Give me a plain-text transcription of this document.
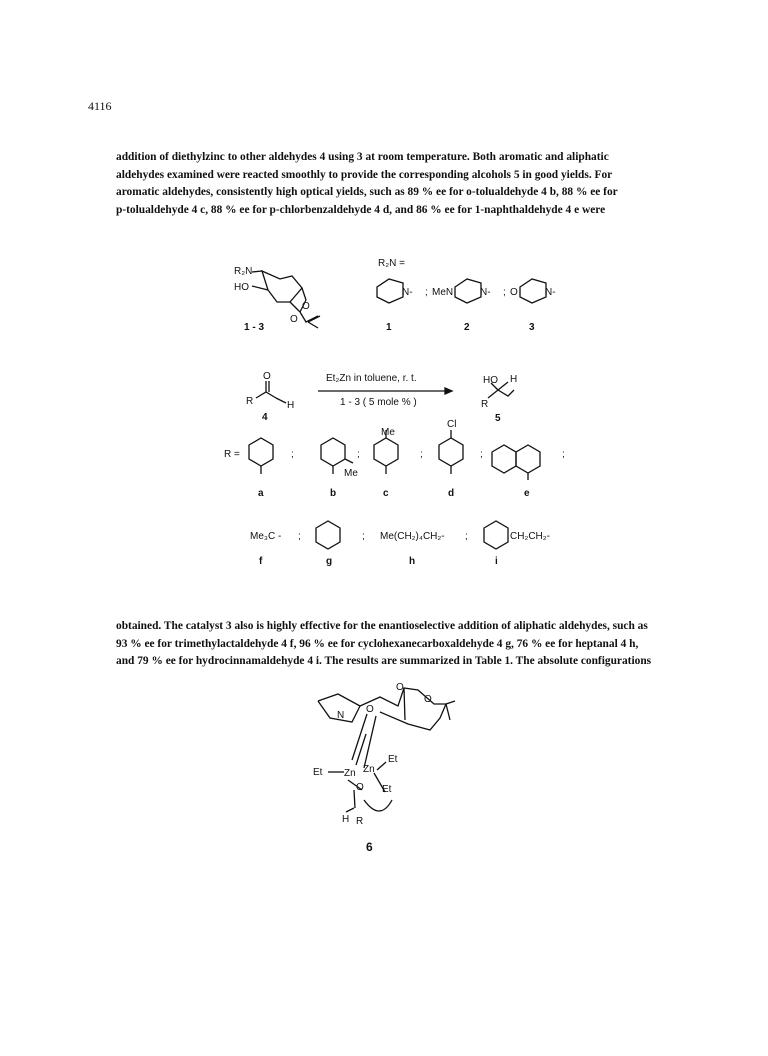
4116
addition of diethylzinc to other aldehydes 4 using 3 at room temperature. Both aromatic and aliphatic
aldehydes examined were reacted smoothly to provide the corresponding alcohols 5 in good yields. For
aromatic aldehydes, consistently high optical yields, such as 89 % ee for o-tolualdehyde 4 b, 88 % ee for
p-tolualdehyde 4 c, 88 % ee for p-chlorbenzaldehyde 4 d, and 86 % ee for 1-naphthaldehyde 4 e were
R₂N
HO
O
O
1 - 3
R₂N =
N- ; MeN	N- ; O	N-
1	2	3
O
R	H
4
Et₂Zn in toluene, r. t.
1 - 3 ( 5 mole % )
HO H
R
5
R =	;
Me
;
Me
;
Cl
;	;
a	b	c	d	e
Me₃C - ;	; Me(CH₂)₄CH₂- ;	CH₂CH₂-
f	g	h	i
N
O
O
O
Et Zn Zn
Et
Et
O
H R
6
obtained. The catalyst 3 also is highly effective for the enantioselective addition of aliphatic aldehydes, such as
93 % ee for trimethylactaldehyde 4 f, 96 % ee for cyclohexanecarboxaldehyde 4 g, 76 % ee for heptanal 4 h,
and 79 % ee for hydrocinnamaldehyde 4 i. The results are summarized in Table 1. The absolute configurations
